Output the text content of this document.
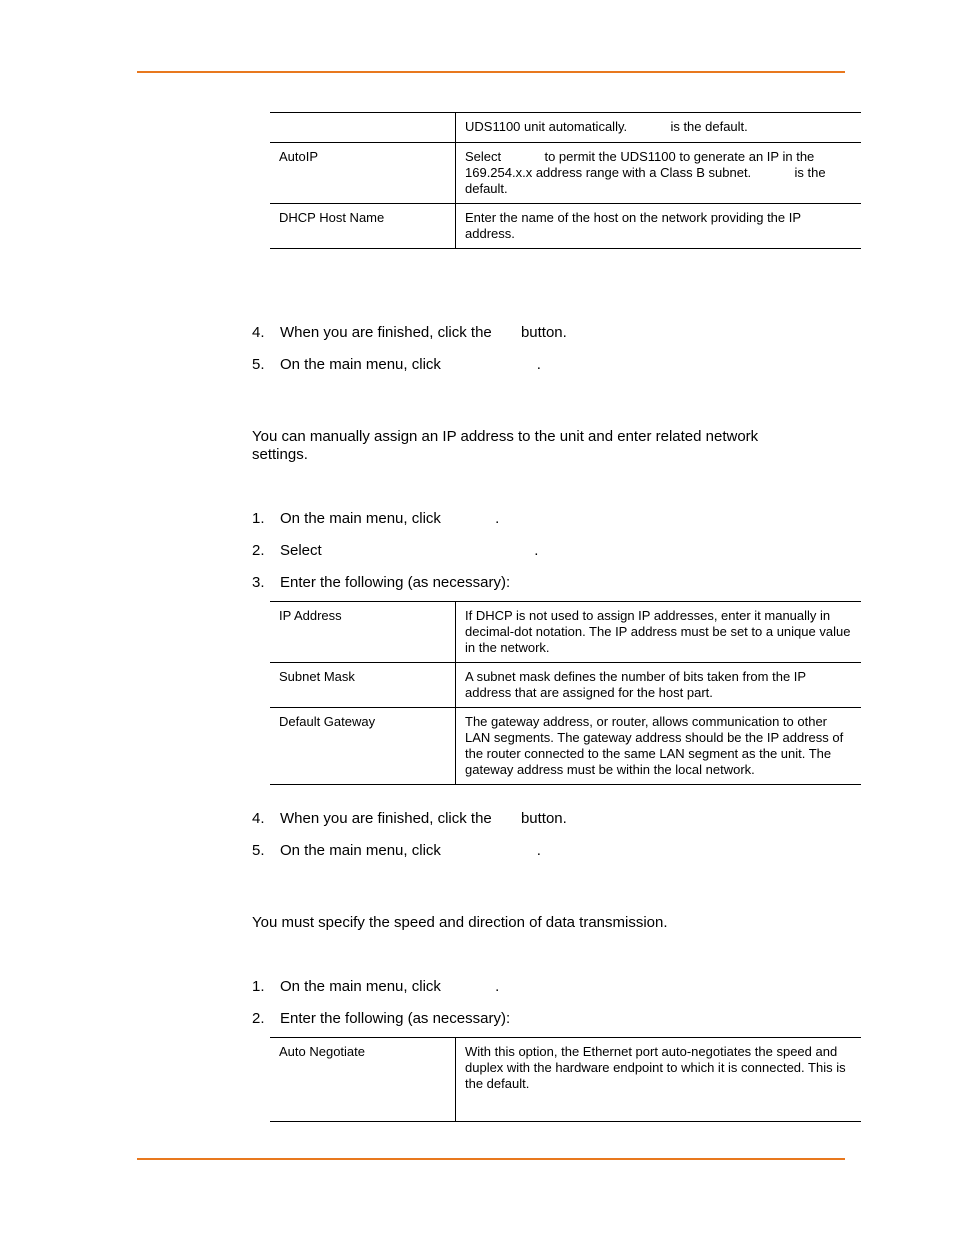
	UDS1100 unit automatically.            is the default.
AutoIP	Select            to permit the UDS1100 to generate an IP in the 169.254.x.x address range with a Class B subnet.            is the default.
DHCP Host Name	Enter the name of the host on the network providing the IP address.
4. When you are finished, click the       button.
5. On the main menu, click                       .
You can manually assign an IP address to the unit and enter related network settings.
1. On the main menu, click             .
2. Select                                                   .
3. Enter the following (as necessary):
IP Address	If DHCP is not used to assign IP addresses, enter it manually in decimal-dot notation. The IP address must be set to a unique value in the network.
Subnet Mask	A subnet mask defines the number of bits taken from the IP address that are assigned for the host part.
Default Gateway	The gateway address, or router, allows communication to other LAN segments. The gateway address should be the IP address of the router connected to the same LAN segment as the unit. The gateway address must be within the local network.
4. When you are finished, click the       button.
5. On the main menu, click                       .
You must specify the speed and direction of data transmission.
1. On the main menu, click             .
2. Enter the following (as necessary):
Auto Negotiate	With this option, the Ethernet port auto-negotiates the speed and duplex with the hardware endpoint to which it is connected. This is the default.
